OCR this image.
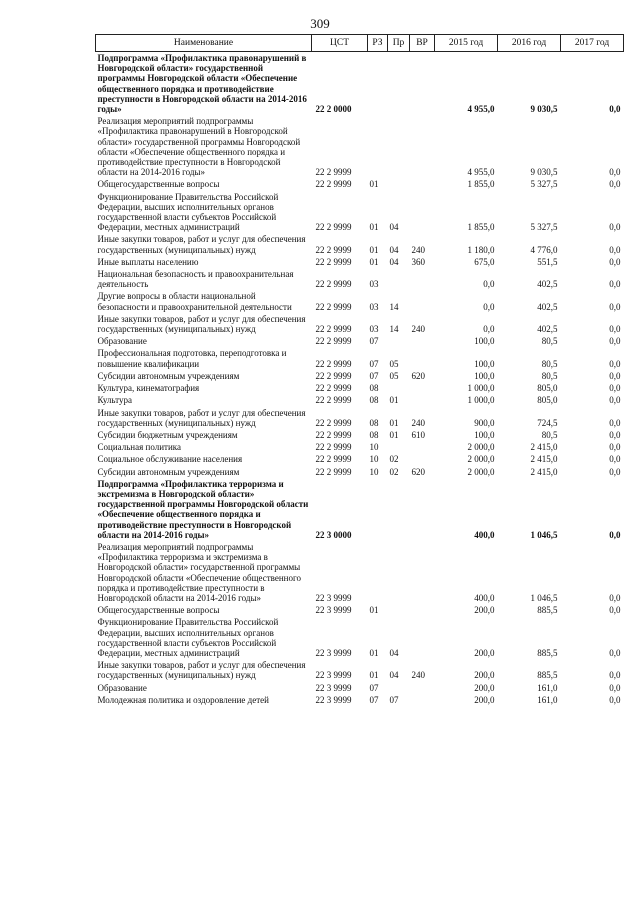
309
Наименование	ЦСТ	РЗ	Пр	ВР	2015 год	2016 год	2017 год
Подпрограмма «Профилактика правонарушений в Новгородской области» государственной программы Новгородской области «Обеспечение общественного порядка и противодействие преступности в Новгородской области на 2014-2016 годы»	22 2 0000				4 955,0	9 030,5	0,0
Реализация мероприятий подпрограммы «Профилактика правонарушений в Новгородской области» государственной программы Новгородской области «Обеспечение общественного порядка и противодействие преступности в Новгородской области на 2014-2016 годы»	22 2 9999				4 955,0	9 030,5	0,0
Общегосударственные вопросы	22 2 9999	01			1 855,0	5 327,5	0,0
Функционирование Правительства Российской Федерации, высших исполнительных органов государственной власти субъектов Российской Федерации, местных администраций	22 2 9999	01	04		1 855,0	5 327,5	0,0
Иные закупки товаров, работ и услуг для обеспечения государственных (муниципальных) нужд	22 2 9999	01	04	240	1 180,0	4 776,0	0,0
Иные выплаты населению	22 2 9999	01	04	360	675,0	551,5	0,0
Национальная безопасность и правоохранительная деятельность	22 2 9999	03			0,0	402,5	0,0
Другие вопросы в области национальной безопасности и правоохранительной деятельности	22 2 9999	03	14		0,0	402,5	0,0
Иные закупки товаров, работ и услуг для обеспечения государственных (муниципальных) нужд	22 2 9999	03	14	240	0,0	402,5	0,0
Образование	22 2 9999	07			100,0	80,5	0,0
Профессиональная подготовка, переподготовка и повышение квалификации	22 2 9999	07	05		100,0	80,5	0,0
Субсидии автономным учреждениям	22 2 9999	07	05	620	100,0	80,5	0,0
Культура, кинематография	22 2 9999	08			1 000,0	805,0	0,0
Культура	22 2 9999	08	01		1 000,0	805,0	0,0
Иные закупки товаров, работ и услуг для обеспечения государственных (муниципальных) нужд	22 2 9999	08	01	240	900,0	724,5	0,0
Субсидии бюджетным учреждениям	22 2 9999	08	01	610	100,0	80,5	0,0
Социальная политика	22 2 9999	10			2 000,0	2 415,0	0,0
Социальное обслуживание населения	22 2 9999	10	02		2 000,0	2 415,0	0,0
Субсидии автономным учреждениям	22 2 9999	10	02	620	2 000,0	2 415,0	0,0
Подпрограмма «Профилактика терроризма и экстремизма в Новгородской области» государственной программы Новгородской области «Обеспечение общественного порядка и противодействие преступности в Новгородской области на 2014-2016 годы»	22 3 0000				400,0	1 046,5	0,0
Реализация мероприятий подпрограммы «Профилактика терроризма и экстремизма в Новгородской области» государственной программы Новгородской области «Обеспечение общественного порядка и противодействие преступности в Новгородской области на 2014-2016 годы»	22 3 9999				400,0	1 046,5	0,0
Общегосударственные вопросы	22 3 9999	01			200,0	885,5	0,0
Функционирование Правительства Российской Федерации, высших исполнительных органов государственной власти субъектов Российской Федерации, местных администраций	22 3 9999	01	04		200,0	885,5	0,0
Иные закупки товаров, работ и услуг для обеспечения государственных (муниципальных) нужд	22 3 9999	01	04	240	200,0	885,5	0,0
Образование	22 3 9999	07			200,0	161,0	0,0
Молодежная политика и оздоровление детей	22 3 9999	07	07		200,0	161,0	0,0
